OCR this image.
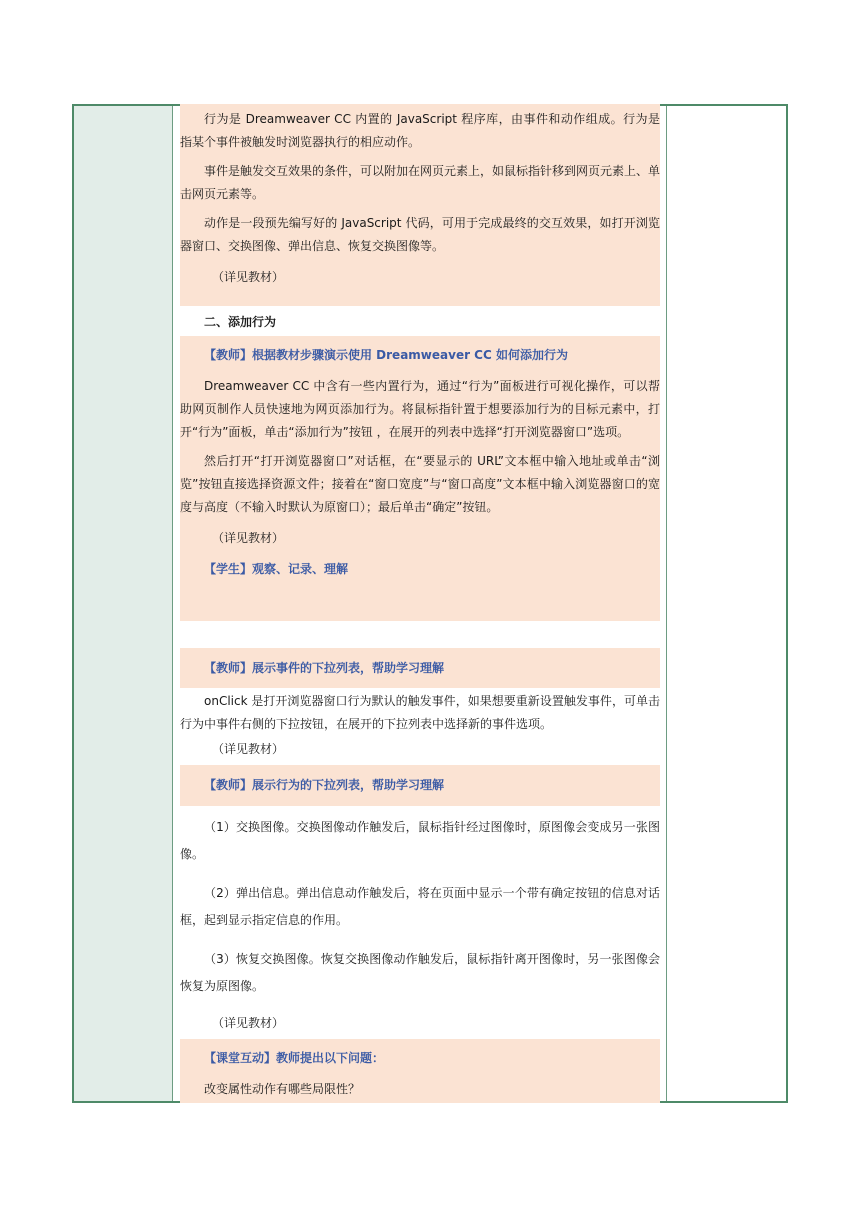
行为是 Dreamweaver CC 内置的 JavaScript 程序库，由事件和动作组成。行为是指某个事件被触发时浏览器执行的相应动作。

事件是触发交互效果的条件，可以附加在网页元素上，如鼠标指针移到网页元素上、单击网页元素等。

动作是一段预先编写好的 JavaScript 代码，可用于完成最终的交互效果，如打开浏览器窗口、交换图像、弹出信息、恢复交换图像等。

（详见教材）

二、添加行为

【教师】根据教材步骤演示使用 Dreamweaver CC 如何添加行为

Dreamweaver CC 中含有一些内置行为，通过“行为”面板进行可视化操作，可以帮助网页制作人员快速地为网页添加行为。将鼠标指针置于想要添加行为的目标元素中，打开“行为”面板，单击“添加行为”按钮 ，在展开的列表中选择“打开浏览器窗口”选项。

然后打开“打开浏览器窗口”对话框，在“要显示的 URL”文本框中输入地址或单击“浏览”按钮直接选择资源文件；接着在“窗口宽度”与“窗口高度”文本框中输入浏览器窗口的宽度与高度（不输入时默认为原窗口）；最后单击“确定”按钮。

（详见教材）

【学生】观察、记录、理解

【教师】展示事件的下拉列表，帮助学习理解

onClick 是打开浏览器窗口行为默认的触发事件，如果想要重新设置触发事件，可单击行为中事件右侧的下拉按钮，在展开的下拉列表中选择新的事件选项。

（详见教材）

【教师】展示行为的下拉列表，帮助学习理解

（1）交换图像。交换图像动作触发后，鼠标指针经过图像时，原图像会变成另一张图像。

（2）弹出信息。弹出信息动作触发后，将在页面中显示一个带有确定按钮的信息对话框，起到显示指定信息的作用。

（3）恢复交换图像。恢复交换图像动作触发后，鼠标指针离开图像时，另一张图像会恢复为原图像。

（详见教材）

【课堂互动】教师提出以下问题：

改变属性动作有哪些局限性？
